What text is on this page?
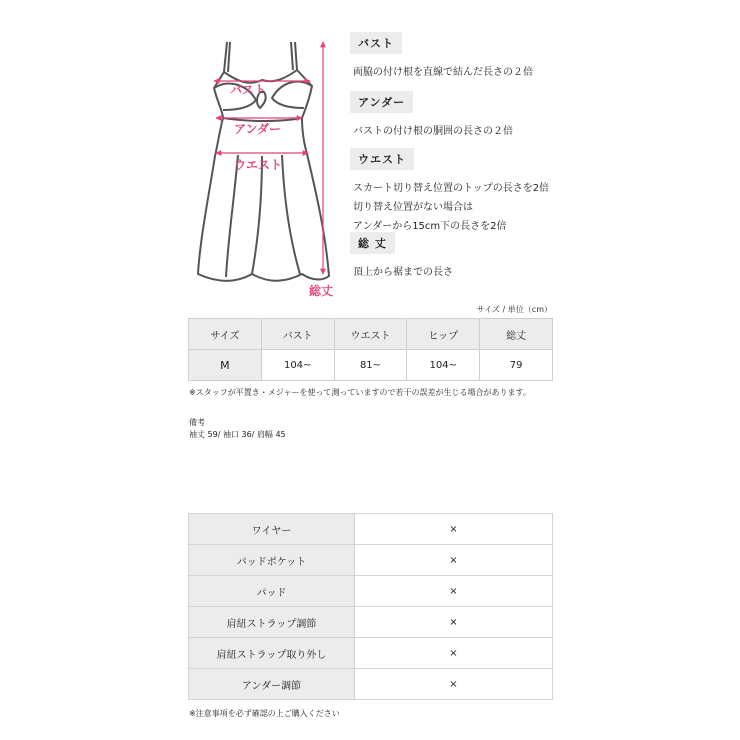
バスト
アンダー
ウエスト
総丈
バスト
両脇の付け根を直線で結んだ長さの２倍
アンダー
バストの付け根の胴囲の長さの２倍
ウエスト
スカート切り替え位置のトップの長さを2倍
切り替え位置がない場合は
アンダーから15cm下の長さを2倍
総 丈
頂上から裾までの長さ
サイズ / 単位（cm）
サイズ	バスト	ウエスト	ヒップ	総丈
M	104~	81~	104~	79
※スタッフが平置き・メジャーを使って測っていますので若干の誤差が生じる場合があります。
備考
袖丈 59/ 袖口 36/ 肩幅 45
ワイヤー	×
パッドポケット	×
パッド	×
肩紐ストラップ調節	×
肩紐ストラップ取り外し	×
アンダー調節	×
※注意事項を必ず確認の上ご購入ください
